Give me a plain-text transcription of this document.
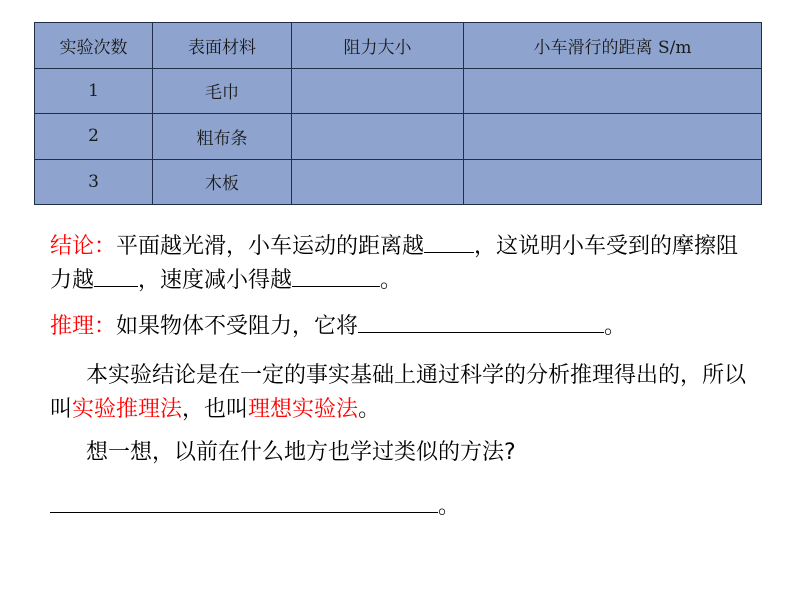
实验次数	表面材料	阻力大小	小车滑行的距离 S/m
1	毛巾		
2	粗布条		
3	木板		

结论：平面越光滑，小车运动的距离越 ，这说明小车受到的摩擦阻力越 ，速度减小得越	。

推理：如果物体不受阻力，它将	。

本实验结论是在一定的事实基础上通过科学的分析推理得出的，所以叫实验推理法，也叫理想实验法。

想一想，以前在什么地方也学过类似的方法?

。
